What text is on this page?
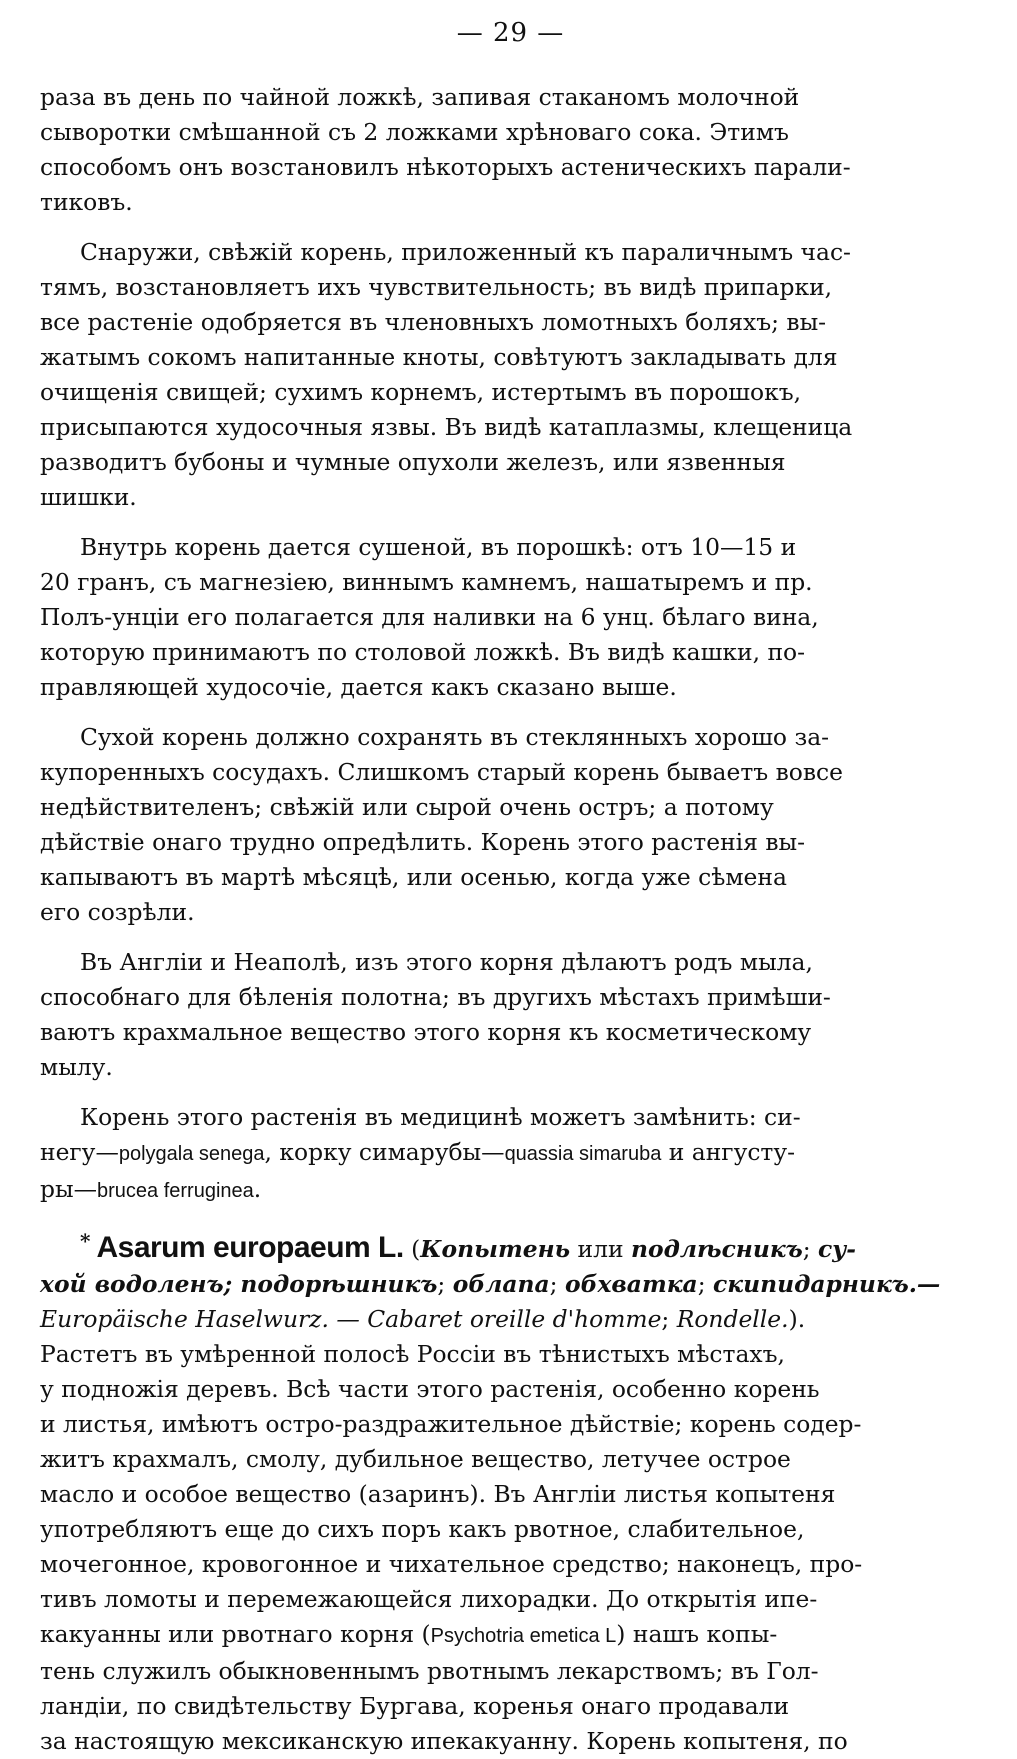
— 29 —
раза въ день по чайной ложкѣ, запивая стаканомъ молочной
сыворотки смѣшанной съ 2 ложками хрѣноваго сока. Этимъ
способомъ онъ возстановилъ нѣкоторыхъ астеническихъ парали-
тиковъ.
Снаружи, свѣжій корень, приложенный къ параличнымъ час-
тямъ, возстановляетъ ихъ чувствительность; въ видѣ припарки,
все растеніе одобряется въ членовныхъ ломотныхъ боляхъ; вы-
жатымъ сокомъ напитанные кноты, совѣтуютъ закладывать для
очищенія свищей; сухимъ корнемъ, истертымъ въ порошокъ,
присыпаются худосочныя язвы. Въ видѣ катаплазмы, клещеница
разводитъ бубоны и чумные опухоли железъ, или язвенныя
шишки.
Внутрь корень дается сушеной, въ порошкѣ: отъ 10—15 и
20 гранъ, съ магнезіею, виннымъ камнемъ, нашатыремъ и пр.
Полъ-унціи его полагается для наливки на 6 унц. бѣлаго вина,
которую принимаютъ по столовой ложкѣ. Въ видѣ кашки, по-
правляющей худосочіе, дается какъ сказано выше.
Сухой корень должно сохранять въ стеклянныхъ хорошо за-
купоренныхъ сосудахъ. Слишкомъ старый корень бываетъ вовсе
недѣйствителенъ; свѣжій или сырой очень остръ; а потому
дѣйствіе онаго трудно опредѣлить. Корень этого растенія вы-
капываютъ въ мартѣ мѣсяцѣ, или осенью, когда уже сѣмена
его созрѣли.
Въ Англіи и Неаполѣ, изъ этого корня дѣлаютъ родъ мыла,
способнаго для бѣленія полотна; въ другихъ мѣстахъ примѣши-
ваютъ крахмальное вещество этого корня къ косметическому
мылу.
Корень этого растенія въ медицинѣ можетъ замѣнить: си-
негу—polygala senega, корку симарубы—quassia simaruba и ангусту-
ры—brucea ferruginea.
* Asarum europaeum L. (Копытень или подлѣсникъ; су-
хой водоленъ; подорѣшникъ; облапа; обхватка; скипидарникъ.—
Europäische Haselwurz. — Cabaret oreille d'homme; Rondelle.).
Растетъ въ умѣренной полосѣ Россіи въ тѣнистыхъ мѣстахъ,
у подножія деревъ. Всѣ части этого растенія, особенно корень
и листья, имѣютъ остро-раздражительное дѣйствіе; корень содер-
житъ крахмалъ, смолу, дубильное вещество, летучее острое
масло и особое вещество (азаринъ). Въ Англіи листья копытеня
употребляютъ еще до сихъ поръ какъ рвотное, слабительное,
мочегонное, кровогонное и чихательное средство; наконецъ, про-
тивъ ломоты и перемежающейся лихорадки. До открытія ипе-
какуанны или рвотнаго корня (Psychotria emetica L) нашъ копы-
тень служилъ обыкновеннымъ рвотнымъ лекарствомъ; въ Гол-
ландіи, по свидѣтельству Бургава, коренья онаго продавали
за настоящую мексиканскую ипекакуанну. Корень копытеня, по
